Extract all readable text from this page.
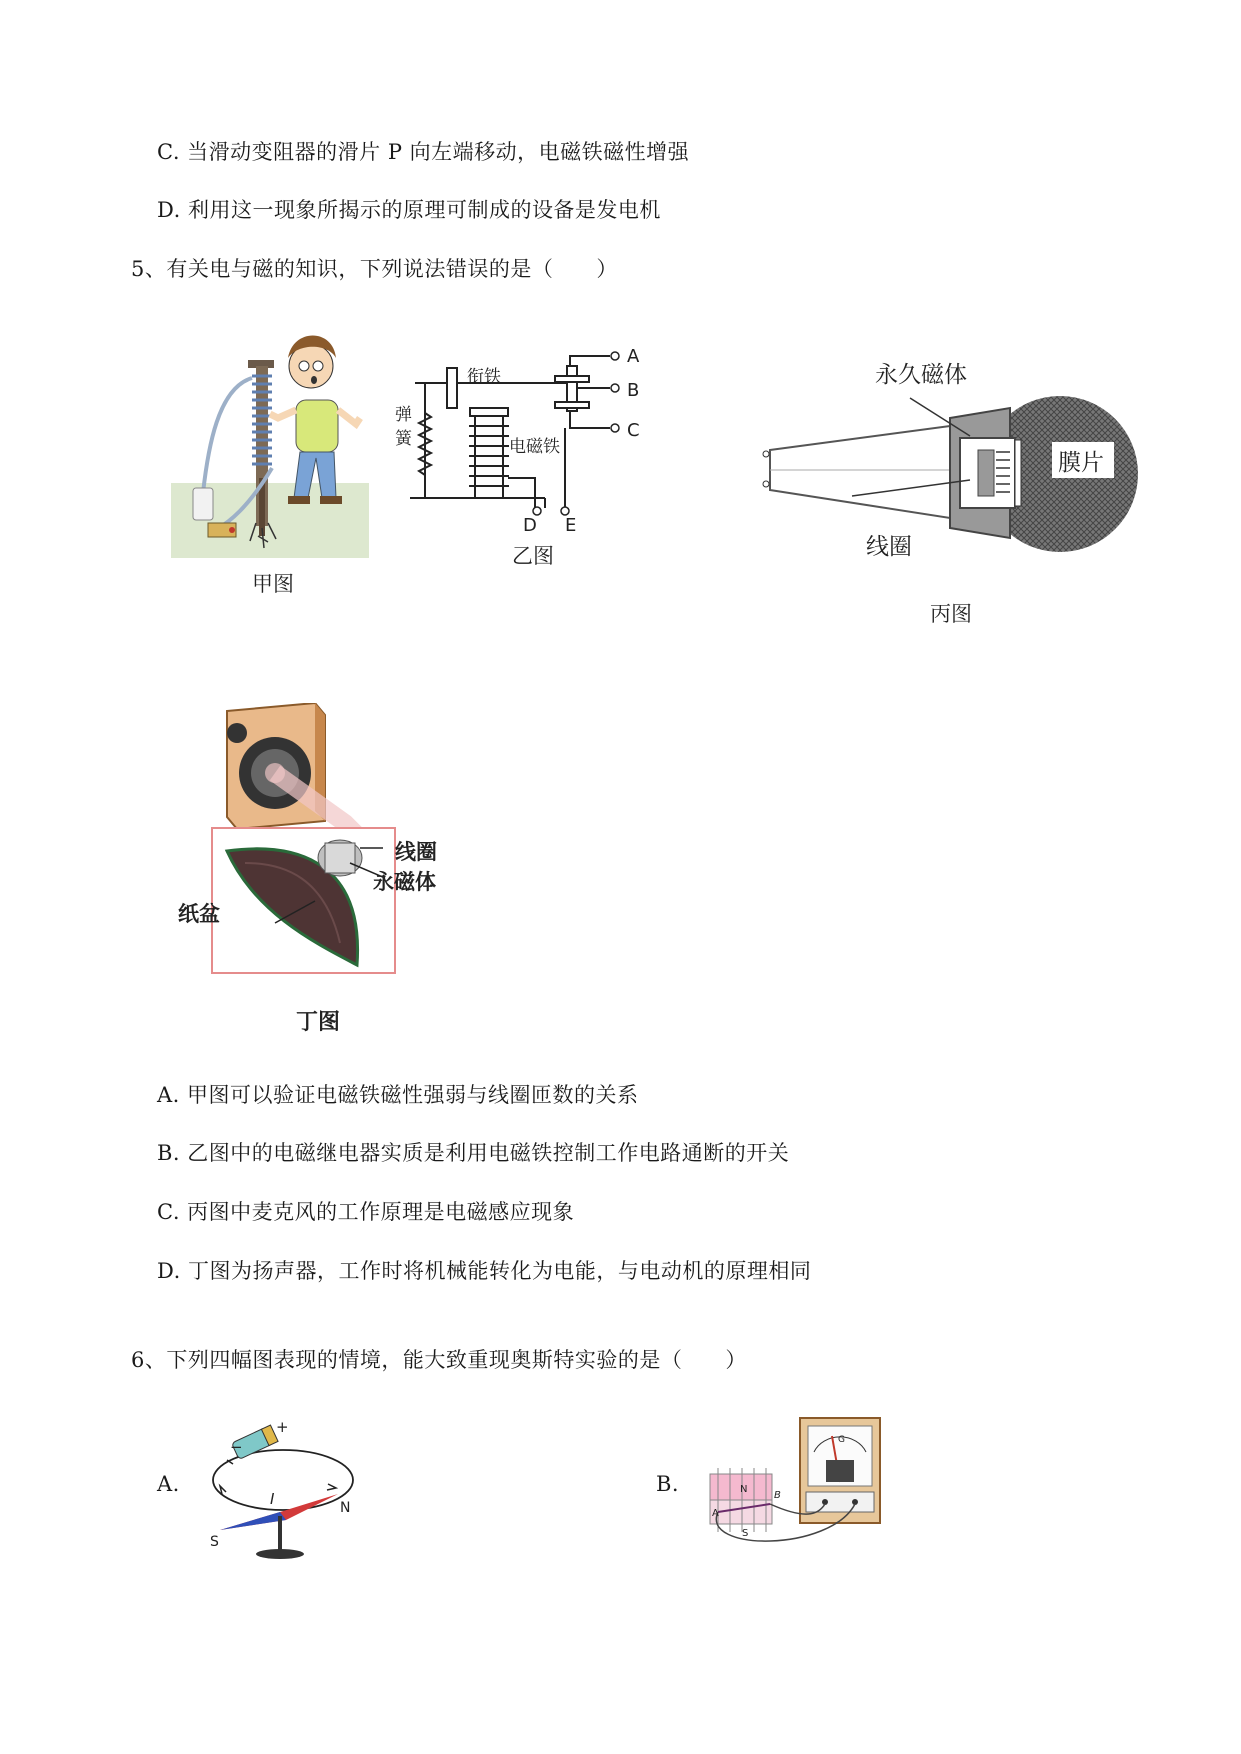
C. 当滑动变阻器的滑片 P 向左端移动，电磁铁磁性增强
D. 利用这一现象所揭示的原理可制成的设备是发电机
5、有关电与磁的知识，下列说法错误的是（　　）
甲图
衔铁
弹
簧	电磁铁
A
B
C
D E
乙图
永久磁体
膜片
线圈
丙图
线圈
永磁体
纸盆
丁图
A. 甲图可以验证电磁铁磁性强弱与线圈匝数的关系
B. 乙图中的电磁继电器实质是利用电磁铁控制工作电路通断的开关
C. 丙图中麦克风的工作原理是电磁感应现象
D. 丁图为扬声器，工作时将机械能转化为电能，与电动机的原理相同
6、下列四幅图表现的情境，能大致重现奥斯特实验的是（　　）
A.
−
+
I
S
N
B.
G
A
B
N
S
